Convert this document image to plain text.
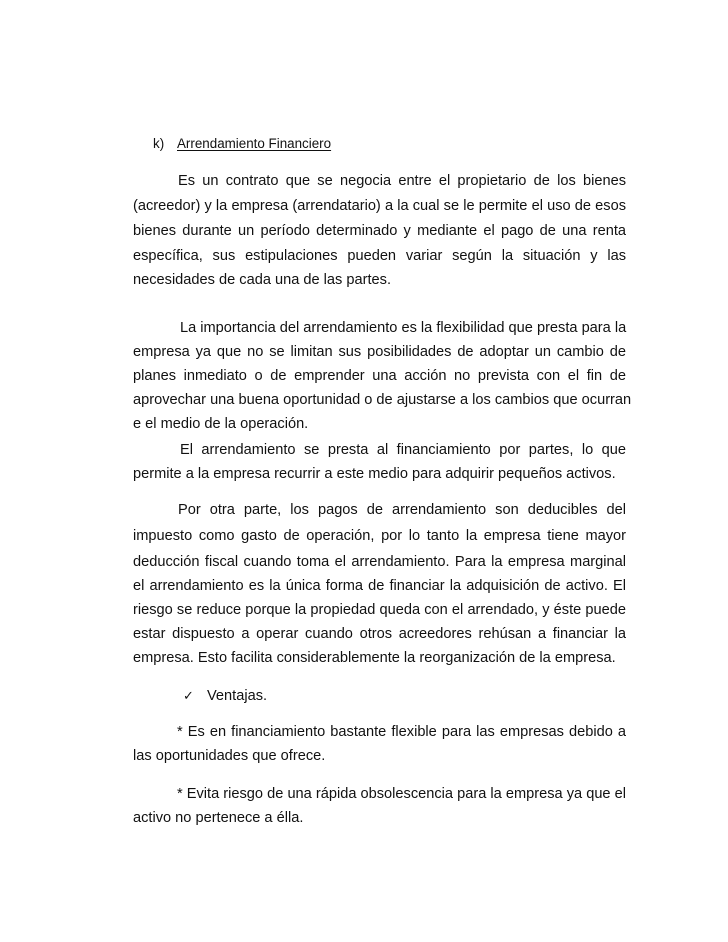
k) Arrendamiento Financiero
Es un contrato que se negocia entre el propietario de los bienes
(acreedor) y la empresa (arrendatario) a la cual se le permite el uso de esos
bienes durante un período determinado y mediante el pago de una renta
específica, sus estipulaciones pueden variar según la situación y las
necesidades de cada una de las partes.
La importancia del arrendamiento es la flexibilidad que presta para la
empresa ya que no se limitan sus posibilidades de adoptar un cambio de
planes inmediato o de emprender una acción no prevista con el fin de
aprovechar una buena oportunidad o de ajustarse a los cambios que ocurran
e el medio de la operación.
El arrendamiento se presta al financiamiento por partes, lo que
permite a la empresa recurrir a este medio para adquirir pequeños activos.
Por otra parte, los pagos de arrendamiento son deducibles del
impuesto como gasto de operación, por lo tanto la empresa tiene mayor
deducción fiscal cuando toma el arrendamiento. Para la empresa marginal
el arrendamiento es la única forma de financiar la adquisición de activo. El
riesgo se reduce porque la propiedad queda con el arrendado, y éste puede
estar dispuesto a operar cuando otros acreedores rehúsan a financiar la
empresa. Esto facilita considerablemente la reorganización de la empresa.
✓ Ventajas.
* Es en financiamiento bastante flexible para las empresas debido a
las oportunidades que ofrece.
* Evita riesgo de una rápida obsolescencia para la empresa ya que el
activo no pertenece a élla.
